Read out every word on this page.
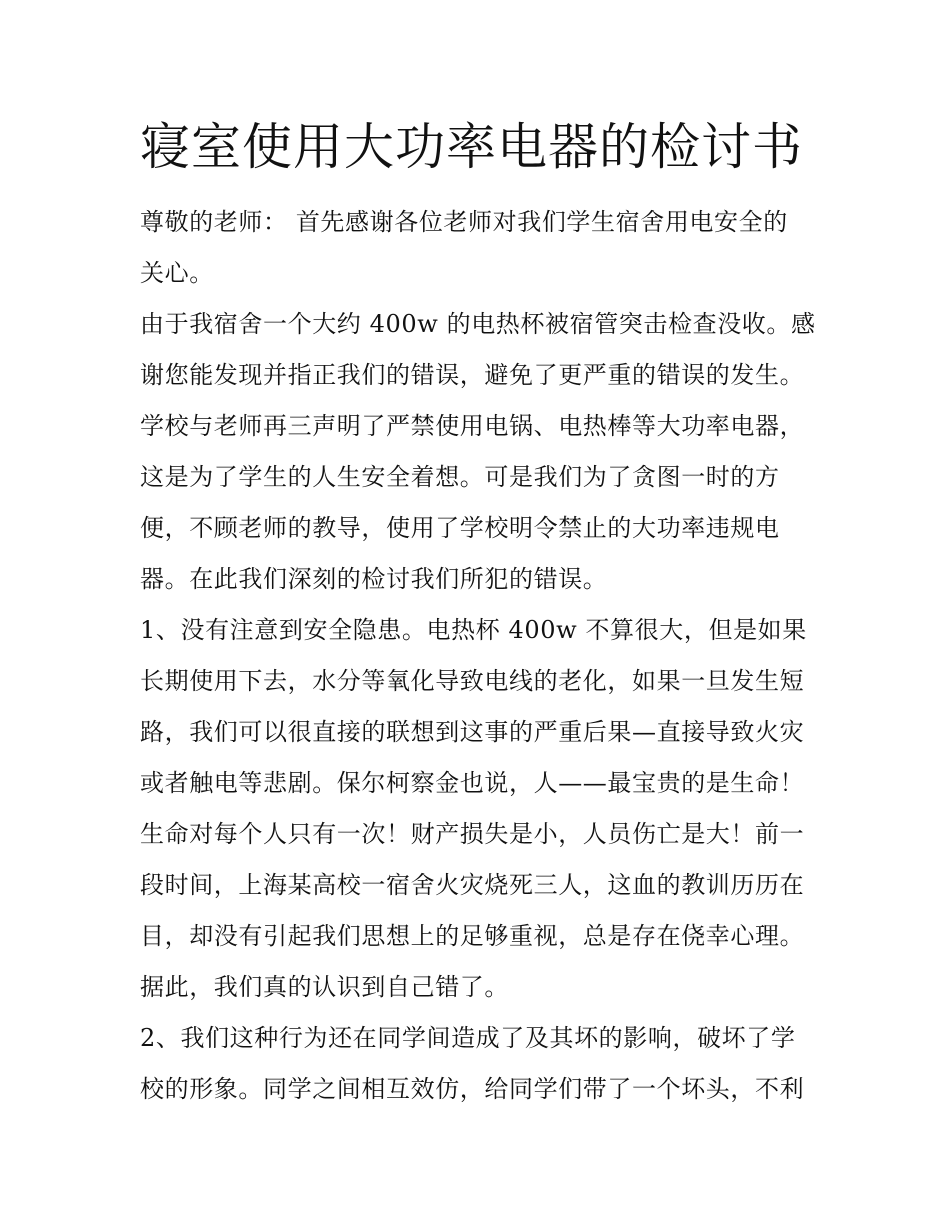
寝室使用大功率电器的检讨书
尊敬的老师： 首先感谢各位老师对我们学生宿舍用电安全的
关心。
由于我宿舍一个大约 400w 的电热杯被宿管突击检查没收。感
谢您能发现并指正我们的错误，避免了更严重的错误的发生。
学校与老师再三声明了严禁使用电锅、电热棒等大功率电器，
这是为了学生的人生安全着想。可是我们为了贪图一时的方
便，不顾老师的教导，使用了学校明令禁止的大功率违规电
器。在此我们深刻的检讨我们所犯的错误。
1、没有注意到安全隐患。电热杯 400w 不算很大，但是如果
长期使用下去，水分等氧化导致电线的老化，如果一旦发生短
路，我们可以很直接的联想到这事的严重后果—直接导致火灾
或者触电等悲剧。保尔柯察金也说，人——最宝贵的是生命！
生命对每个人只有一次！财产损失是小，人员伤亡是大！前一
段时间，上海某高校一宿舍火灾烧死三人，这血的教训历历在
目，却没有引起我们思想上的足够重视，总是存在侥幸心理。
据此，我们真的认识到自己错了。
2、我们这种行为还在同学间造成了及其坏的影响，破坏了学
校的形象。同学之间相互效仿，给同学们带了一个坏头，不利
